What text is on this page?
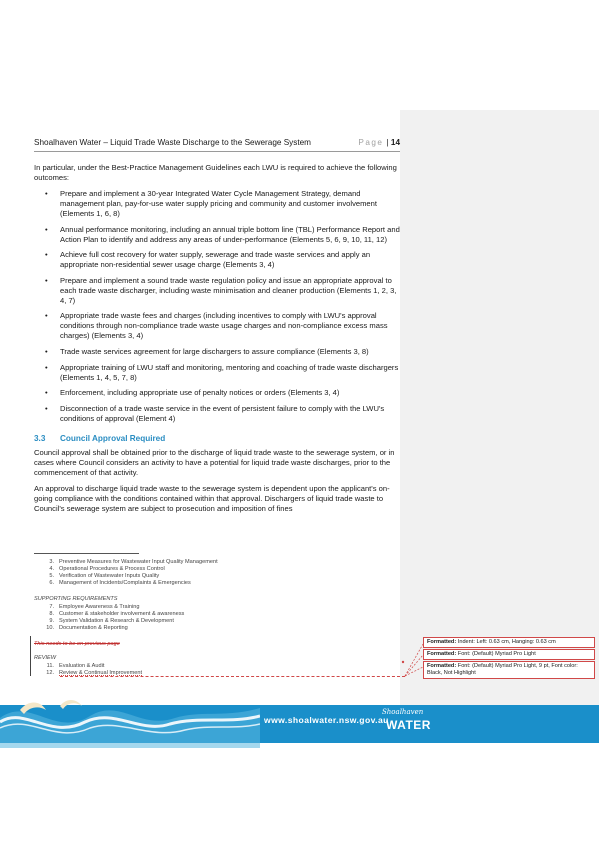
Shoalhaven Water – Liquid Trade Waste Discharge to the Sewerage System	Page | 14

In particular, under the Best-Practice Management Guidelines each LWU is required to achieve the following outcomes:

• Prepare and implement a 30-year Integrated Water Cycle Management Strategy, demand management plan, pay-for-use water supply pricing and community and customer involvement (Elements 1, 6, 8)
• Annual performance monitoring, including an annual triple bottom line (TBL) Performance Report and Action Plan to identify and address any areas of under-performance (Elements 5, 6, 9, 10, 11, 12)
• Achieve full cost recovery for water supply, sewerage and trade waste services and apply an appropriate non-residential sewer usage charge (Elements 3, 4)
• Prepare and implement a sound trade waste regulation policy and issue an appropriate approval to each trade waste discharger, including waste minimisation and cleaner production (Elements 1, 2, 3, 4, 7)
• Appropriate trade waste fees and charges (including incentives to comply with LWU's approval conditions through non-compliance trade waste usage charges and non-compliance excess mass charges) (Elements 3, 4)
• Trade waste services agreement for large dischargers to assure compliance (Elements 3, 8)
• Appropriate training of LWU staff and monitoring, mentoring and coaching of trade waste dischargers (Elements 1, 4, 5, 7, 8)
• Enforcement, including appropriate use of penalty notices or orders (Elements 3, 4)
• Disconnection of a trade waste service in the event of persistent failure to comply with the LWU's conditions of approval (Element 4)

3.3 Council Approval Required

Council approval shall be obtained prior to the discharge of liquid trade waste to the sewerage system, or in cases where Council considers an activity to have a potential for liquid trade waste discharges, prior to the commencement of that activity.

An approval to discharge liquid trade waste to the sewerage system is dependent upon the applicant's on-going compliance with the conditions contained within that approval. Dischargers of liquid trade waste to Council's sewerage system are subject to prosecution and imposition of fines

3. Preventive Measures for Wastewater Input Quality Management
4. Operational Procedures & Process Control
5. Verification of Wastewater Inputs Quality
6. Management of Incidents/Complaints & Emergencies
SUPPORTING REQUIREMENTS
7. Employee Awareness & Training
8. Customer & stakeholder involvement & awareness
9. System Validation & Research & Development
10. Documentation & Reporting
This needs to be on previous page
REVIEW
11. Evaluation & Audit
12. Review & Continual Improvement
Formatted: Indent: Left: 0.63 cm, Hanging: 0.63 cm
Formatted: Font: (Default) Myriad Pro Light
Formatted: Font: (Default) Myriad Pro Light, 9 pt, Font color: Black, Not Highlight
www.shoalwater.nsw.gov.au
Shoalhaven
WATER
